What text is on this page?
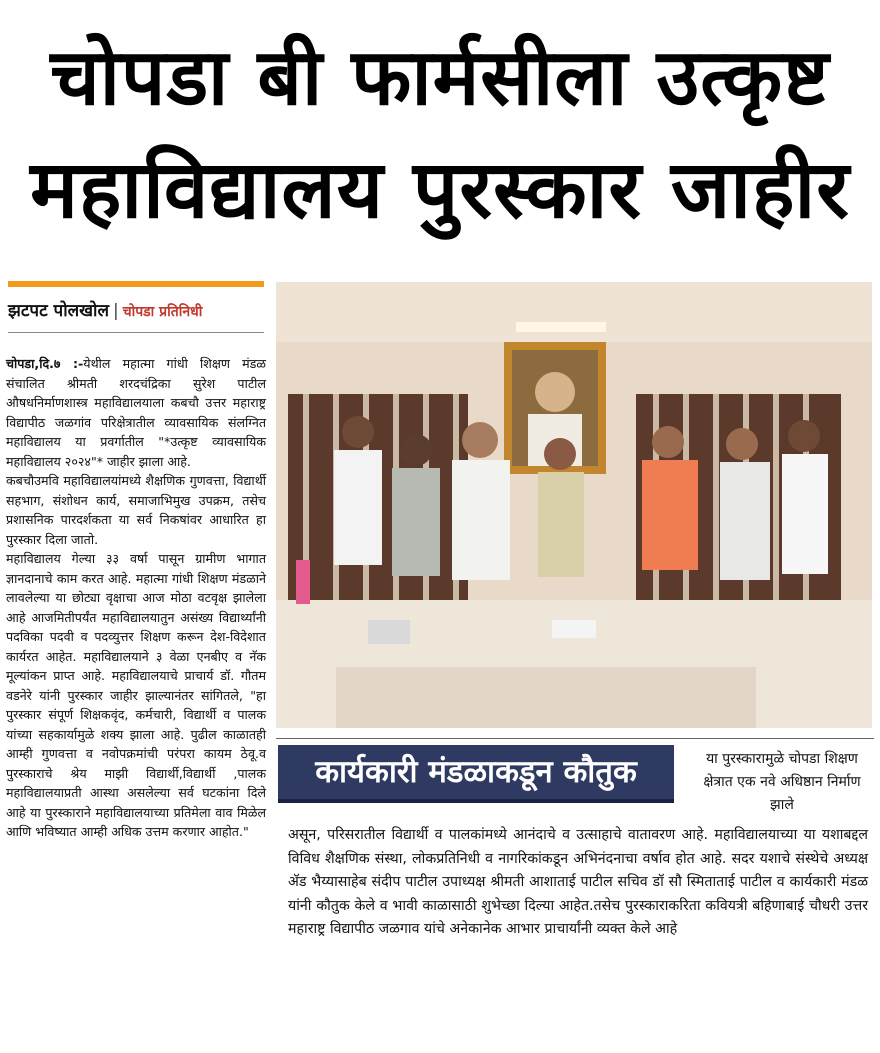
चोपडा बी फार्मसीला उत्कृष्ट
महाविद्यालय पुरस्कार जाहीर
झटपट पोलखोल | चोपडा प्रतिनिधी

चोपडा,दि.७ :-येथील महात्मा गांधी शिक्षण मंडळ संचालित श्रीमती शरदचंद्रिका सुरेश पाटील औषधनिर्माणशास्त्र महाविद्यालयाला कबचौ उत्तर महाराष्ट्र विद्यापीठ जळगांव परिक्षेत्रातील व्यावसायिक संलग्नित महाविद्यालय या प्रवर्गातील "*उत्कृष्ट व्यावसायिक महाविद्यालय २०२४"* जाहीर झाला आहे.

कबचौउमवि महाविद्यालयांमध्ये शैक्षणिक गुणवत्ता, विद्यार्थी सहभाग, संशोधन कार्य, समाजाभिमुख उपक्रम, तसेच प्रशासनिक पारदर्शकता या सर्व निकषांवर आधारित हा पुरस्कार दिला जातो.

महाविद्यालय गेल्या ३३ वर्षा पासून ग्रामीण भागात ज्ञानदानाचे काम करत आहे. महात्मा गांधी शिक्षण मंडळाने लावलेल्या या छोट्या वृक्षाचा आज मोठा वटवृक्ष झालेला आहे आजमितीपर्यंत महाविद्यालयातुन असंख्य विद्यार्थ्यांनी पदविका पदवी व पदव्युत्तर शिक्षण करून देश-विदेशात कार्यरत आहेत. महाविद्यालयाने ३ वेळा एनबीए व नॅक मूल्यांकन प्राप्त आहे. महाविद्यालयाचे प्राचार्य डॉ. गौतम वडनेरे यांनी पुरस्कार जाहीर झाल्यानंतर सांगितले, "हा पुरस्कार संपूर्ण शिक्षकवृंद, कर्मचारी, विद्यार्थी व पालक यांच्या सहकार्यामुळे शक्य झाला आहे. पुढील काळातही आम्ही गुणवत्ता व नवोपक्रमांची परंपरा कायम ठेवू.व पुरस्काराचे श्रेय माझी विद्यार्थी,विद्यार्थी ,पालक महाविद्यालयाप्रती आस्था असलेल्या सर्व घटकांना दिले आहे या पुरस्काराने महाविद्यालयाच्या प्रतिमेला वाव मिळेल आणि भविष्यात आम्ही अधिक उत्तम करणार आहोत."

कार्यकारी मंडळाकडून कौतुक	या पुरस्कारामुळे चोपडा शिक्षण क्षेत्रात एक नवे अधिष्ठान निर्माण झाले
असून, परिसरातील विद्यार्थी व पालकांमध्ये आनंदाचे व उत्साहाचे वातावरण आहे. महाविद्यालयाच्या या यशाबद्दल विविध शैक्षणिक संस्था, लोकप्रतिनिधी व नागरिकांकडून अभिनंदनाचा वर्षाव होत आहे. सदर यशाचे संस्थेचे अध्यक्ष ॲड भैय्यासाहेब संदीप पाटील उपाध्यक्ष श्रीमती आशाताई पाटील सचिव डॉ सौ स्मिताताई पाटील व कार्यकारी मंडळ यांनी कौतुक केले व भावी काळासाठी शुभेच्छा दिल्या आहेत.तसेच पुरस्काराकरिता कवियत्री बहिणाबाई चौधरी उत्तर महाराष्ट्र विद्यापीठ जळगाव यांचे अनेकानेक आभार प्राचार्यांनी व्यक्त केले आहे
